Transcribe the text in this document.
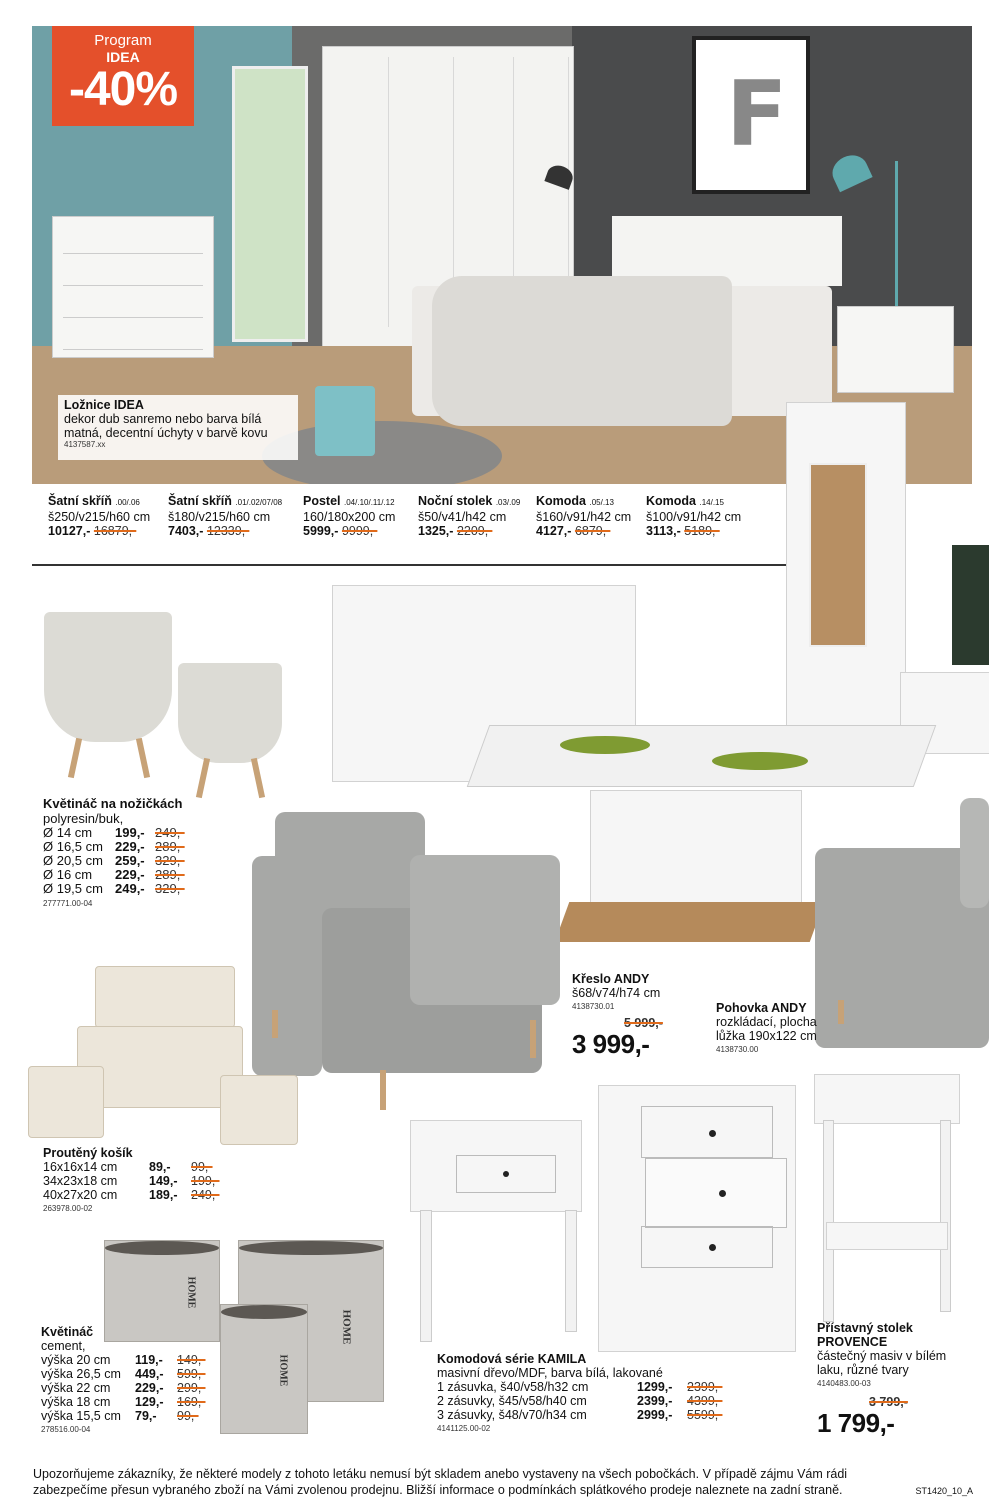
F
Program
IDEA
-40%
Ložnice IDEA
dekor dub sanremo nebo barva bílá matná, decentní úchyty v barvě kovu
4137587.xx
Šatní skříň .00/.06
š250/v215/h60 cm
10127,- 16879,-
Šatní skříň .01/.02/07/08
š180/v215/h60 cm
7403,- 12339,-
Postel .04/.10/.11/.12
160/180x200 cm
5999,- 9999,-
Noční stolek .03/.09
š50/v41/h42 cm
1325,- 2209,-
Komoda .05/.13
š160/v91/h42 cm
4127,- 6879,-
Komoda .14/.15
š100/v91/h42 cm
3113,- 5189,-
Květináč na nožičkách
polyresin/buk,
Ø 14 cm	199,- 249,-
Ø 16,5 cm 229,- 289,-
Ø 20,5 cm 259,- 329,-
Ø 16 cm	229,- 289,-
Ø 19,5 cm 249,- 329,-
277771.00-04
Křeslo ANDY
š68/v74/h74 cm
4138730.01
5 999,-
3 999,-
Pohovka ANDY
rozkládací, plocha
lůžka 190x122 cm
4138730.00
Proutěný košík
16x16x14 cm	89,-	99,-
34x23x18 cm	149,-	199,-
40x27x20 cm	189,-	249,-
263978.00-02
HOME
HOME
HOME
Květináč
cement,
výška 20 cm	119,-	149,-
výška 26,5 cm	449,-	599,-
výška 22 cm	229,-	299,-
výška 18 cm	129,-	169,-
výška 15,5 cm	79,-	99,-
278516.00-04
Komodová série KAMILA
masivní dřevo/MDF, barva bílá, lakované
1 zásuvka, š40/v58/h32 cm	1299,-	2399,-
2 zásuvky, š45/v58/h40 cm	2399,-	4399,-
3 zásuvky, š48/v70/h34 cm	2999,-	5599,-
4141125.00-02
Přístavný stolek
PROVENCE
částečný masiv v bílém laku, různé tvary
4140483.00-03
3 799,-
1 799,-
Upozorňujeme zákazníky, že některé modely z tohoto letáku nemusí být skladem anebo vystaveny na všech pobočkách. V případě zájmu Vám rádi zabezpečíme přesun vybraného zboží na Vámi zvolenou prodejnu. Bližší informace o podmínkách splátkového prodeje naleznete na zadní straně.	ST1420_10_A
